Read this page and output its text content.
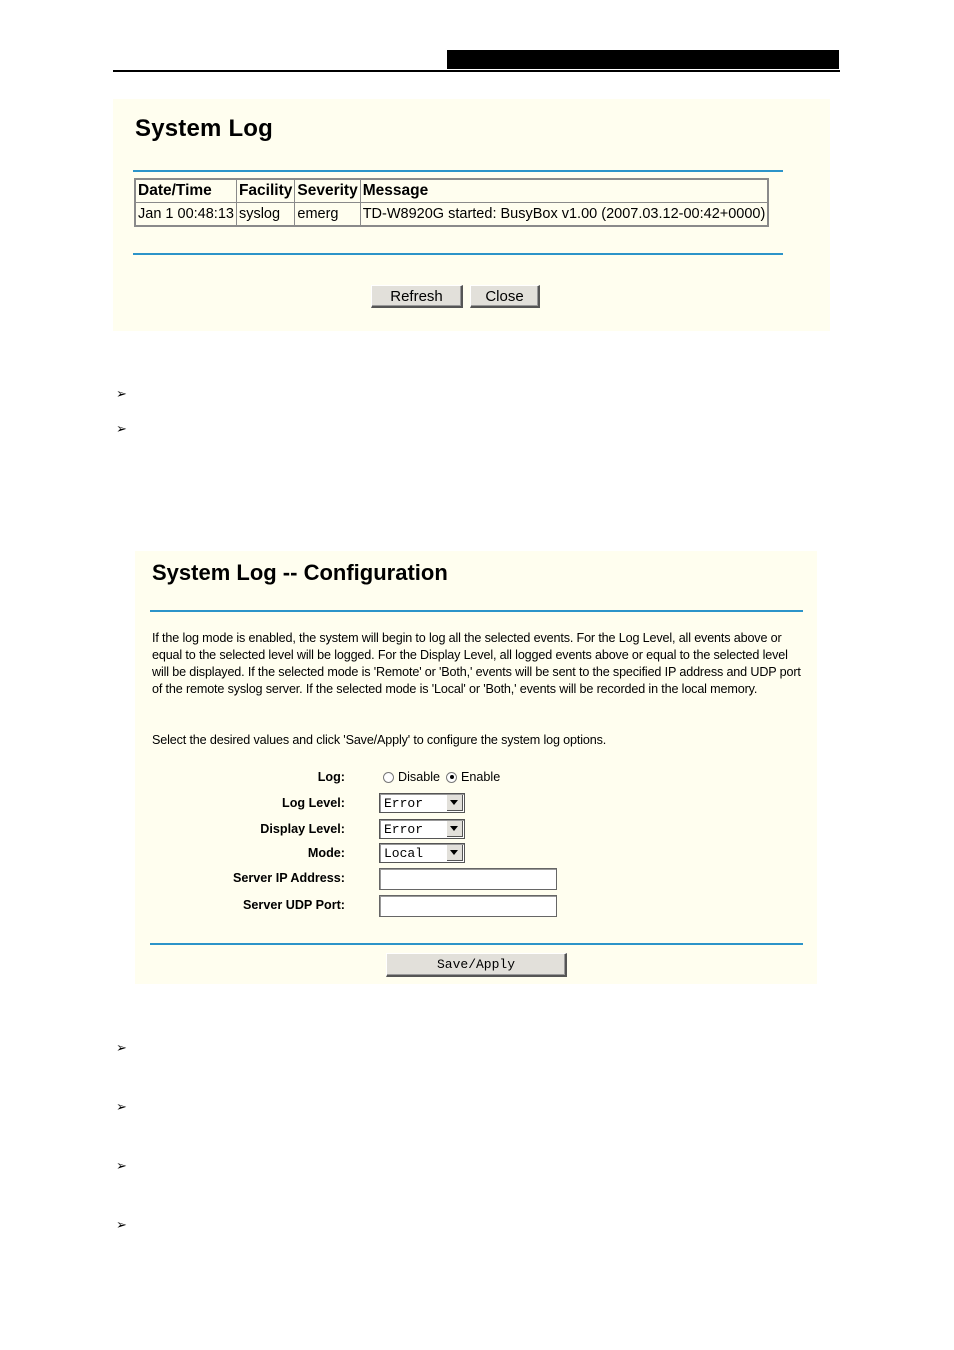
System Log
Date/Time	Facility	Severity	Message
Jan 1 00:48:13	syslog	emerg	TD-W8920G started: BusyBox v1.00 (2007.03.12-00:42+0000)
Refresh	Close
➢
➢
System Log -- Configuration
If the log mode is enabled, the system will begin to log all the selected events. For the Log Level, all events above or equal to the selected level will be logged. For the Display Level, all logged events above or equal to the selected level will be displayed. If the selected mode is 'Remote' or 'Both,' events will be sent to the specified IP address and UDP port of the remote syslog server. If the selected mode is 'Local' or 'Both,' events will be recorded in the local memory.
Select the desired values and click 'Save/Apply' to configure the system log options.
Log:	Disable Enable
Log Level:	Error
Display Level:	Error
Mode:	Local
Server IP Address:
Server UDP Port:
Save/Apply
➢
➢
➢
➢
